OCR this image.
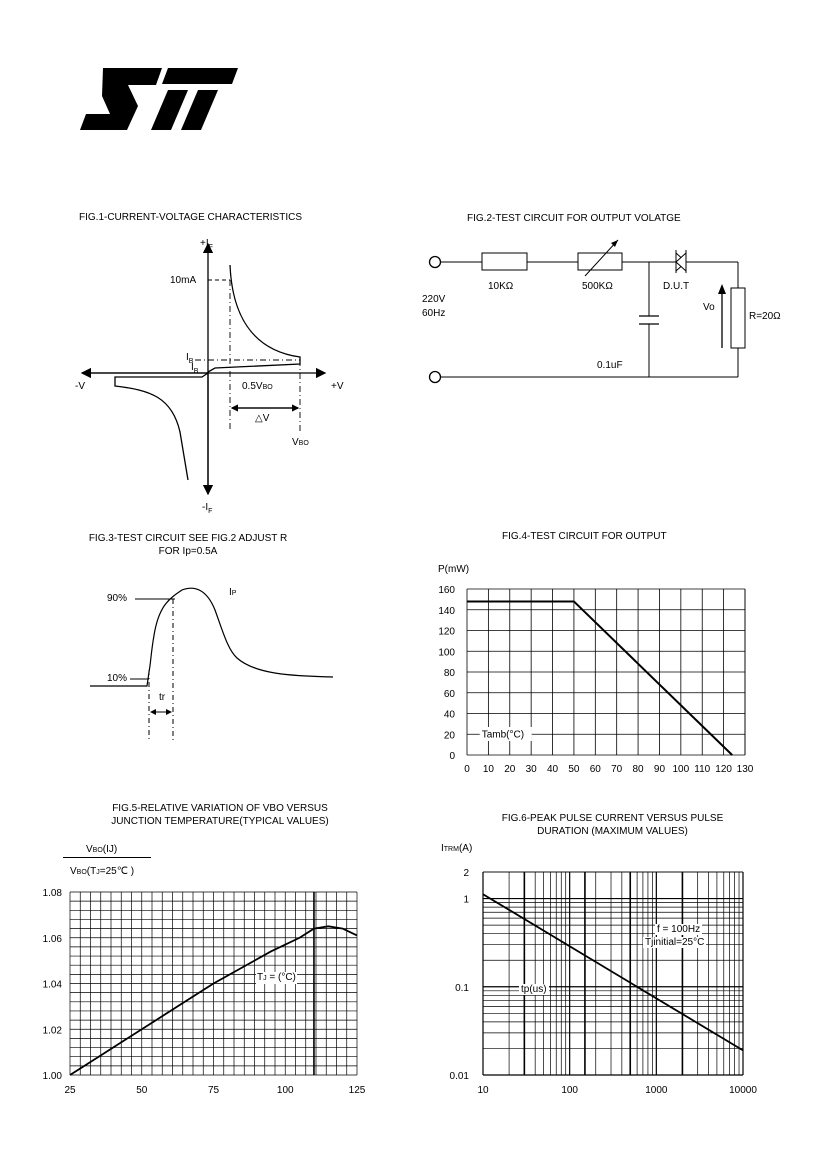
FIG.1-CURRENT-VOLTAGE CHARACTERISTICS
$+I_F$
$-I_F$
10mA
$I_B$
$I_B$
-V	+V
0.5VBO
△V
VBO
FIG.2-TEST CIRCUIT FOR OUTPUT VOLATGE
10KΩ	500KΩ	D.U.T
220V
60Hz
Vo
R=20Ω
0.1uF
FIG.3-TEST CIRCUIT SEE FIG.2 ADJUST R
FOR Ip=0.5A
90%
10%
IP
tr
FIG.4-TEST CIRCUIT FOR OUTPUT
P(mW)
0 10 20 30 40 50 60 70 80 90 100 110 120 130
0
20
40
60
80
100
120
140
160
Tamb(°C)
FIG.5-RELATIVE VARIATION OF VBO VERSUS
JUNCTION TEMPERATURE(TYPICAL VALUES)
VBO(IJ)
VBO(TJ=25℃ )
25	50	75	100	125
1.00
1.02
1.04
1.06
1.08
TJ = (°C)
FIG.6-PEAK PULSE CURRENT VERSUS PULSE
DURATION (MAXIMUM VALUES)
ITRM(A)
10	100	1000	10000
0.01
0.1
1
2
f = 100Hz
Tjinitial=25°C
tp(us)
